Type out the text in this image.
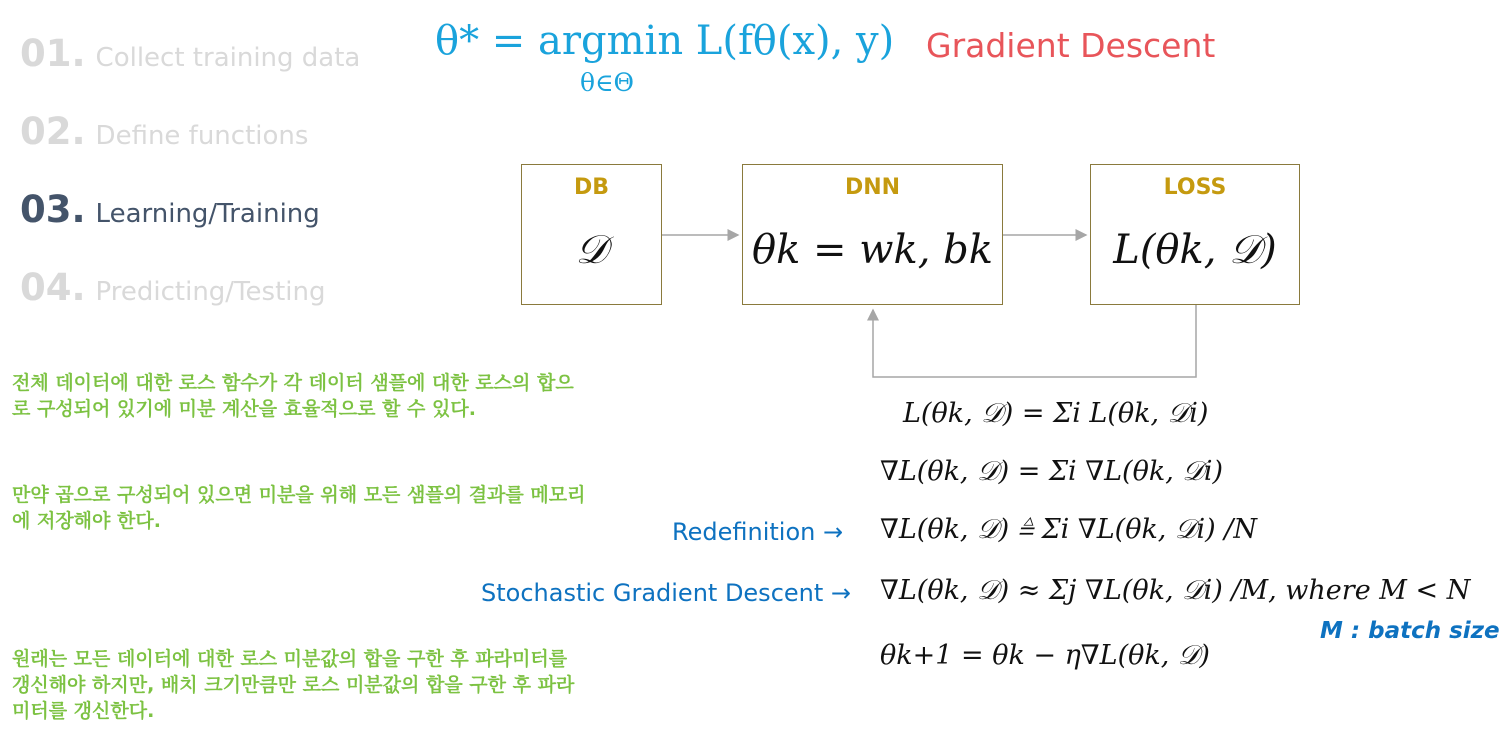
01. Collect training data
02. Define functions
03. Learning/Training
04. Predicting/Testing
θ* = argmin L(fθ(x), y)
θ∈Θ
Gradient Descent
DB
𝒟
DNN
θk = wk, bk
LOSS
L(θk, 𝒟)
L(θk, 𝒟) = Σi L(θk, 𝒟i)
∇L(θk, 𝒟) = Σi ∇L(θk, 𝒟i)
Redefinition → ∇L(θk, 𝒟) ≜ Σi ∇L(θk, 𝒟i) /N
Stochastic Gradient Descent → ∇L(θk, 𝒟) ≈ Σj ∇L(θk, 𝒟i) /M, where M < N
M : batch size
θk+1 = θk − η∇L(θk, 𝒟)
전체 데이터에 대한 로스 함수가 각 데이터 샘플에 대한 로스의 합으로 구성되어 있기에 미분 계산을 효율적으로 할 수 있다.
만약 곱으로 구성되어 있으면 미분을 위해 모든 샘플의 결과를 메모리에 저장해야 한다.
원래는 모든 데이터에 대한 로스 미분값의 합을 구한 후 파라미터를 갱신해야 하지만, 배치 크기만큼만 로스 미분값의 합을 구한 후 파라미터를 갱신한다.
